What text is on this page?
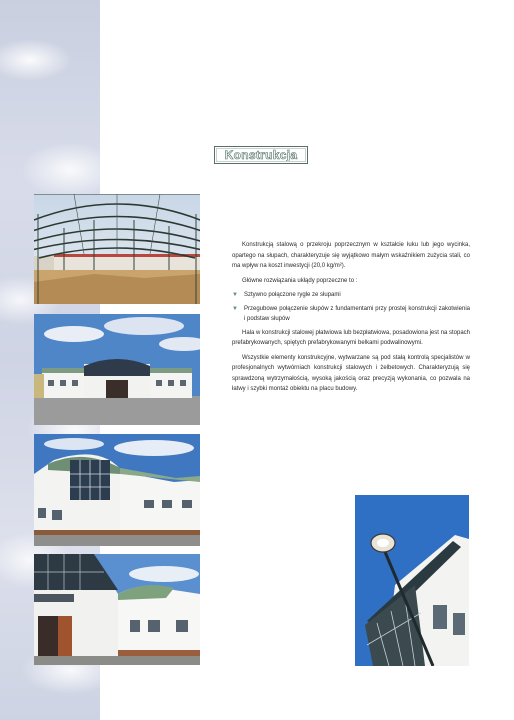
Konstrukcja

Konstrukcją stalową o przekroju poprzecznym w kształcie łuku lub jego wycinka, opartego na słupach, charakteryzuje się wyjątkowo małym wskaźnikiem zużycia stali, co ma wpływ na koszt inwestycji (20,0 kg/m²).

Główne rozwiązania ukłądy poprzeczne to :

▼	Sztywno połączone rygle ze słupami
▼	Przegubowe połączenie słupów z fundamentami przy prostej konstrukcji zakotwienia i podstaw słupów

Hala w konstrukcji stalowej płatwiowa lub bezpłatwiowa, posadowiona jest na stopach prefabrykowanych, spiętych prefabrykowanymi belkami podwalinowymi.

Wszystkie elementy konstrukcyjne, wytwarzane są pod stałą kontrolą specjalistów w profesjonalnych wytwórniach konstrukcji stalowych i żelbetowych. Charakteryzują się sprawdzoną wytrzymałością, wysoką jakością oraz precyzją wykonania, co pozwala na łatwy i szybki montaż obiektu na placu budowy.
